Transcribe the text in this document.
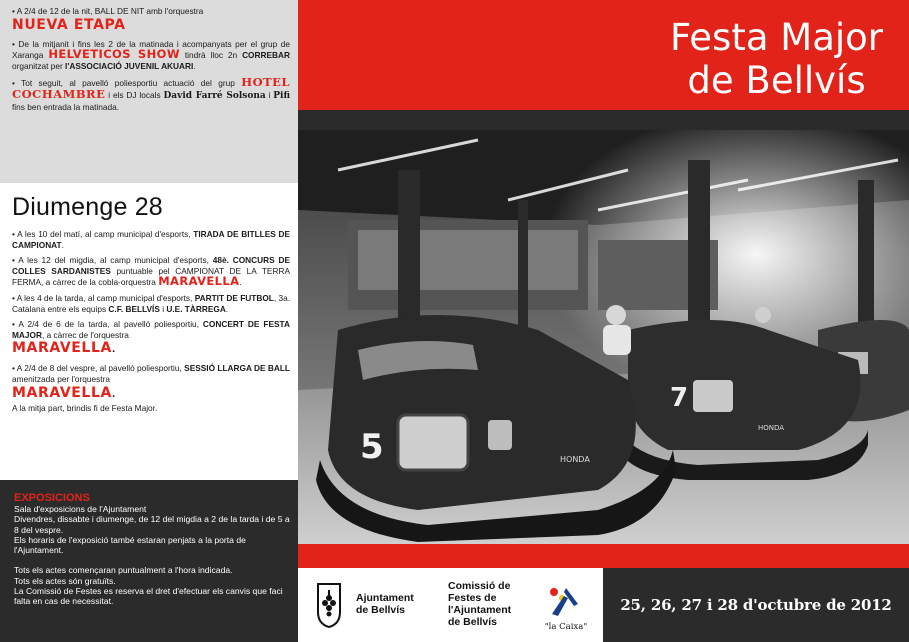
• A 2/4 de 12 de la nit, BALL DE NIT amb l'orquestra
NUEVA ETAPA

• De la mitjanit i fins les 2 de la matinada i acompanyats per el grup de Xaranga HELVETICOS SHOW tindrà lloc 2n CORREBAR organitzat per l'ASSOCIACIÓ JUVENIL AKUARI.

• Tot seguit, al pavelló poliesportiu actuació del grup HOTEL COCHAMBRE i els DJ locals David Farré Solsona i Pifi fins ben entrada la matinada.

Diumenge 28

• A les 10 del matí, al camp municipal d'esports, TIRADA DE BITLLES DE CAMPIONAT.

• A les 12 del migdia, al camp municipal d'esports, 48è. CONCURS DE COLLES SARDANISTES puntuable pel CAMPIONAT DE LA TERRA FERMA, a càrrec de la cobla-orquestra MARAVELLA.

• A les 4 de la tarda, al camp municipal d'esports, PARTIT DE FUTBOL, 3a. Catalana entre els equips C.F. BELLVÍS i U.E. TÀRREGA.

• A 2/4 de 6 de la tarda, al pavelló poliesportiu, CONCERT DE FESTA MAJOR, a càrrec de l'orquestra
MARAVELLA.

• A 2/4 de 8 del vespre, al pavelló poliesportiu, SESSIÓ LLARGA DE BALL amenitzada per l'orquestra
MARAVELLA.
A la mitja part, brindis fi de Festa Major.

EXPOSICIONS
Sala d'exposicions de l'Ajuntament
Divendres, dissabte i diumenge, de 12 del migdia a 2 de la tarda i de 5 a 8 del vespre.
Els horaris de l'exposició també estaran penjats a la porta de l'Ajuntament.
Tots els actes començaran puntualment a l'hora indicada.
Tots els actes són gratuïts.
La Comissió de Festes es reserva el dret d'efectuar els canvis que faci falta en cas de necessitat.
Festa Major
de Bellvís
7
HONDA
5	HONDA
Ajuntament
de Bellvís
Comissió de
Festes de
l'Ajuntament
de Bellvís	"la Caixa"
25, 26, 27 i 28 d'octubre de 2012
